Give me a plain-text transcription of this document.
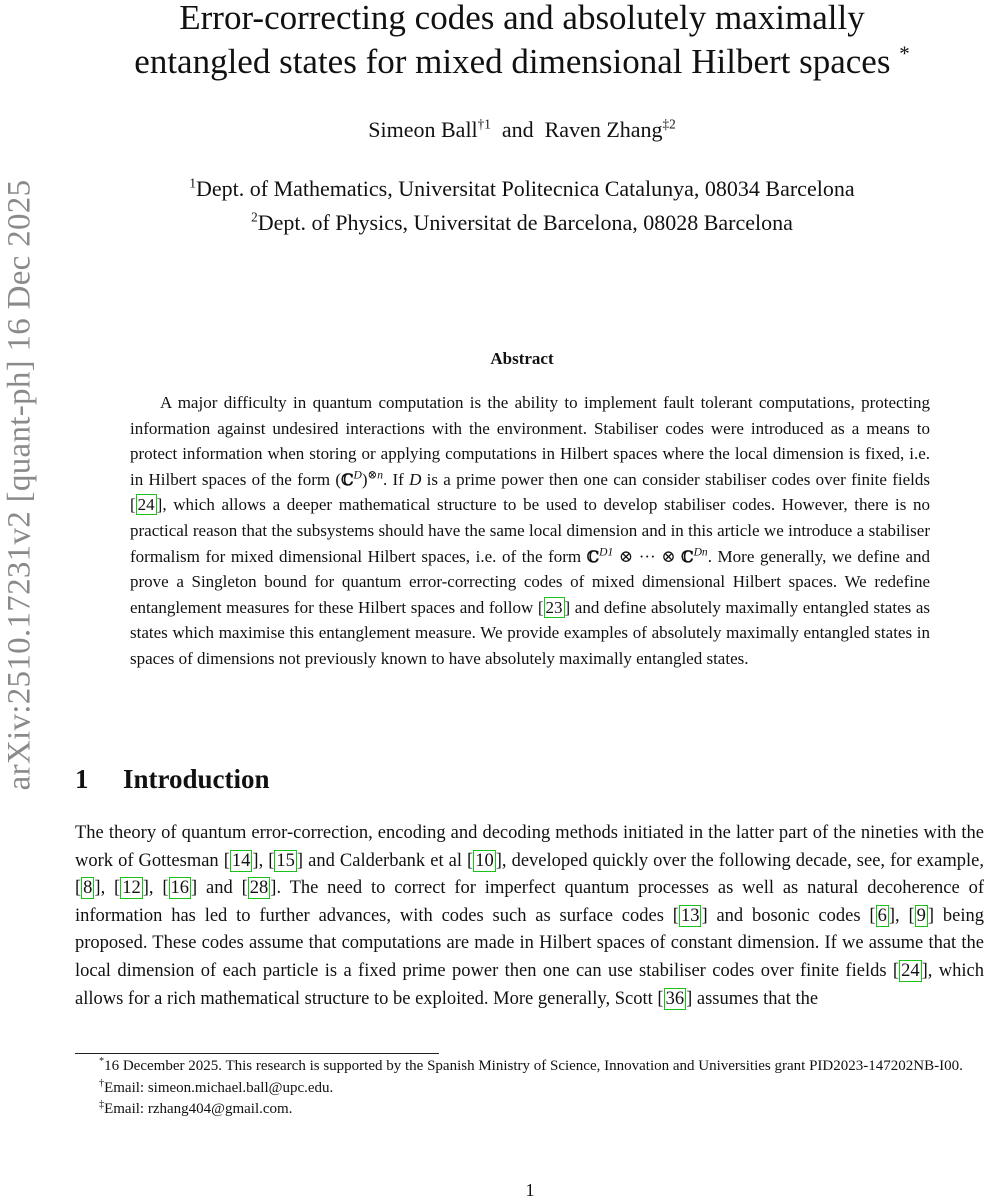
arXiv:2510.17231v2 [quant-ph] 16 Dec 2025
Error-correcting codes and absolutely maximally
entangled states for mixed dimensional Hilbert spaces *
Simeon Ball$^{\dagger 1}$ and Raven Zhang$^{\ddagger 2}$
$^1$Dept. of Mathematics, Universitat Politecnica Catalunya, 08034 Barcelona
$^2$Dept. of Physics, Universitat de Barcelona, 08028 Barcelona
Abstract

A major difficulty in quantum computation is the ability to implement fault tolerant computations, protecting information against undesired interactions with the environment. Stabiliser codes were introduced as a means to protect information when storing or applying computations in Hilbert spaces where the local dimension is fixed, i.e. in Hilbert spaces of the form (ℂ$^D$)$^{\otimes n}$. If D is a prime power then one can consider stabiliser codes over finite fields [ 24 ], which allows a deeper mathematical structure to be used to develop stabiliser codes. However, there is no practical reason that the subsystems should have the same local dimension and in this article we introduce a stabiliser formalism for mixed dimensional Hilbert spaces, i.e. of the form ℂ$^{D1}$ ⊗ ··· ⊗ ℂ$^{Dn}$. More generally, we define and prove a Singleton bound for quantum error-correcting codes of mixed dimensional Hilbert spaces. We redefine entanglement measures for these Hilbert spaces and follow [ 23 ] and define absolutely maximally entangled states as states which maximise this entanglement measure. We provide examples of absolutely maximally entangled states in spaces of dimensions not previously known to have absolutely maximally entangled states.

1 Introduction

The theory of quantum error-correction, encoding and decoding methods initiated in the latter part of the nineties with the work of Gottesman [ 14 ], [ 15 ] and Calderbank et al [ 10 ], developed quickly over the following decade, see, for example, [ 8 ], [ 12 ], [ 16 ] and [ 28 ]. The need to correct for imperfect quantum processes as well as natural decoherence of information has led to further advances, with codes such as surface codes [ 13 ] and bosonic codes [ 6 ], [ 9 ] being proposed. These codes assume that computations are made in Hilbert spaces of constant dimension. If we assume that the local dimension of each particle is a fixed prime power then one can use stabiliser codes over finite fields [ 24 ], which allows for a rich mathematical structure to be exploited. More generally, Scott [ 36 ] assumes that the

*16 December 2025. This research is supported by the Spanish Ministry of Science, Innovation and Universities grant PID2023-147202NB-I00.

†Email: simeon.michael.ball@upc.edu.

‡Email: rzhang404@gmail.com.

1
